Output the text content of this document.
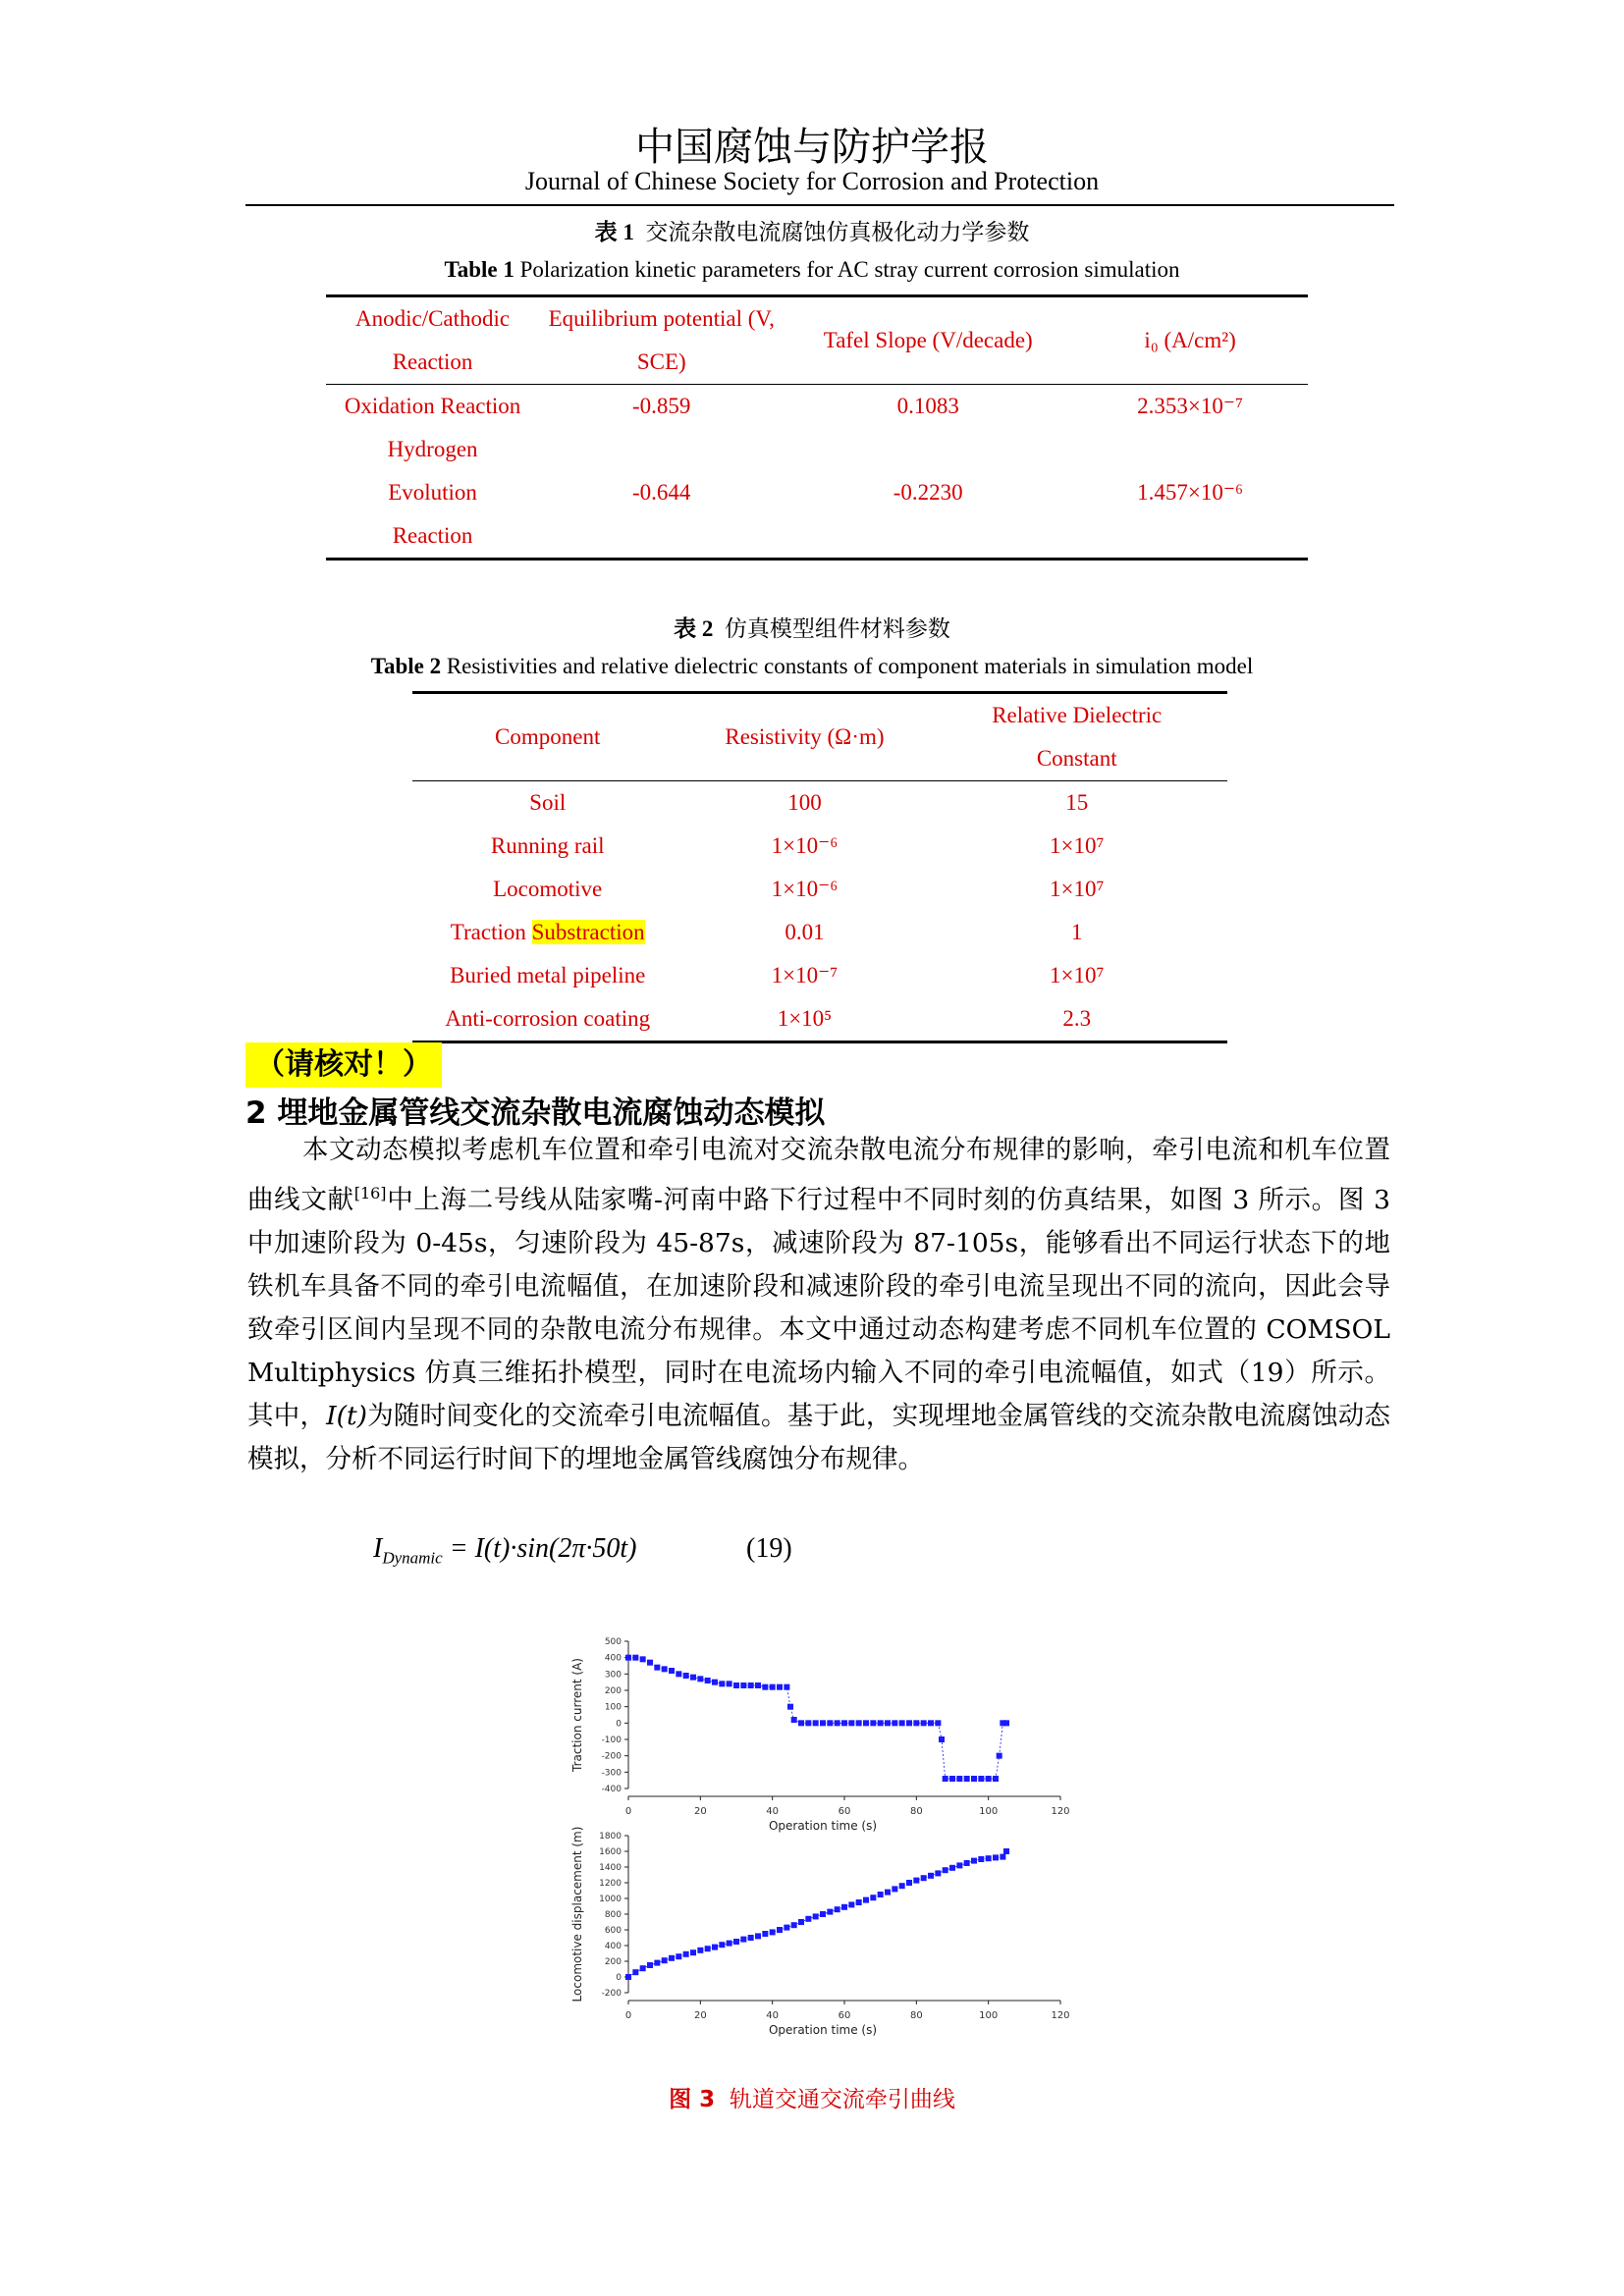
中国腐蚀与防护学报
Journal of Chinese Society for Corrosion and Protection
表 1 交流杂散电流腐蚀仿真极化动力学参数
Table 1 Polarization kinetic parameters for AC stray current corrosion simulation
Anodic/Cathodic Reaction	Equilibrium potential (V, SCE)	Tafel Slope (V/decade)	i₀ (A/cm²)
Oxidation Reaction	-0.859	0.1083	2.353×10⁻⁷
Hydrogen Evolution Reaction	-0.644	-0.2230	1.457×10⁻⁶
表 2 仿真模型组件材料参数
Table 2 Resistivities and relative dielectric constants of component materials in simulation model
Component	Resistivity (Ω·m)	Relative Dielectric Constant
Soil	100	15
Running rail	1×10⁻⁶	1×10⁷
Locomotive	1×10⁻⁶	1×10⁷
Traction Substraction	0.01	1
Buried metal pipeline	1×10⁻⁷	1×10⁷
Anti-corrosion coating	1×10⁵	2.3
（请核对！）
2 埋地金属管线交流杂散电流腐蚀动态模拟
本文动态模拟考虑机车位置和牵引电流对交流杂散电流分布规律的影响，牵引电流和机车位置曲线文献[16]中上海二号线从陆家嘴-河南中路下行过程中不同时刻的仿真结果，如图 3 所示。图 3 中加速阶段为 0-45s，匀速阶段为 45-87s，减速阶段为 87-105s，能够看出不同运行状态下的地铁机车具备不同的牵引电流幅值，在加速阶段和减速阶段的牵引电流呈现出不同的流向，因此会导致牵引区间内呈现不同的杂散电流分布规律。本文中通过动态构建考虑不同机车位置的 COMSOL Multiphysics 仿真三维拓扑模型，同时在电流场内输入不同的牵引电流幅值，如式（19）所示。其中，I(t)为随时间变化的交流牵引电流幅值。基于此，实现埋地金属管线的交流杂散电流腐蚀动态模拟，分析不同运行时间下的埋地金属管线腐蚀分布规律。
$I_{Dynamic} = I(t)\cdot\sin(2\pi\cdot 50t)$	(19)
500
400
300
200
100
0
-100
-200
-300
-400
0	20	40	60	80	100	120
Operation time (s)
Traction current (A)
1800
1600
1400
1200
1000
800
600
400
200
0
-200
0	20	40	60	80	100	120
Operation time (s)
Locomotive displacement (m)
图 3 轨道交通交流牵引曲线
